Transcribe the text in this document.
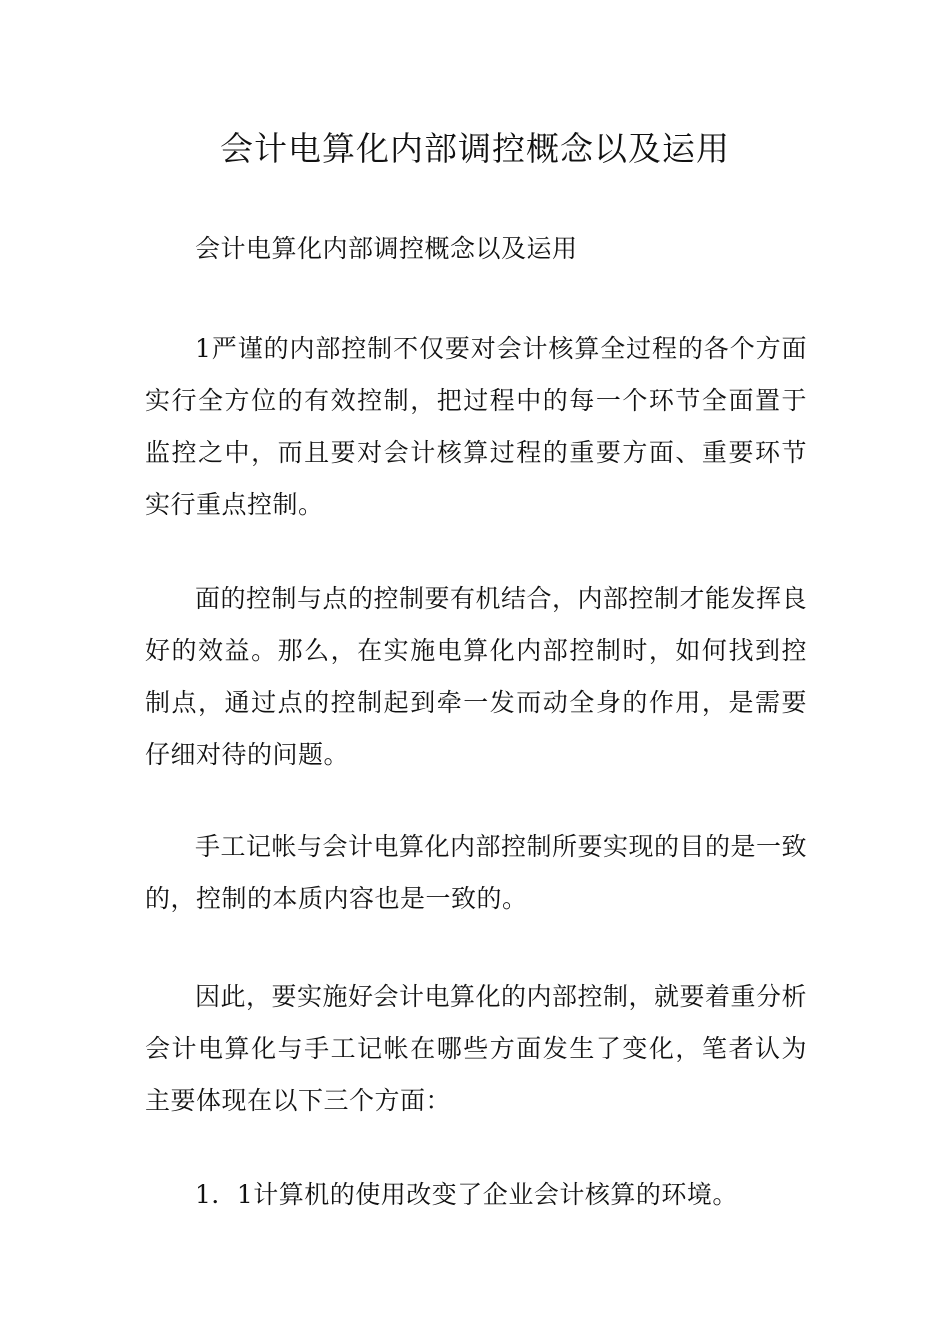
会计电算化内部调控概念以及运用

会计电算化内部调控概念以及运用

1严谨的内部控制不仅要对会计核算全过程的各个方面实行全方位的有效控制，把过程中的每一个环节全面置于监控之中，而且要对会计核算过程的重要方面、重要环节实行重点控制。

面的控制与点的控制要有机结合，内部控制才能发挥良好的效益。那么，在实施电算化内部控制时，如何找到控制点，通过点的控制起到牵一发而动全身的作用，是需要仔细对待的问题。

手工记帐与会计电算化内部控制所要实现的目的是一致的，控制的本质内容也是一致的。

因此，要实施好会计电算化的内部控制，就要着重分析会计电算化与手工记帐在哪些方面发生了变化，笔者认为主要体现在以下三个方面：

1．1计算机的使用改变了企业会计核算的环境。
